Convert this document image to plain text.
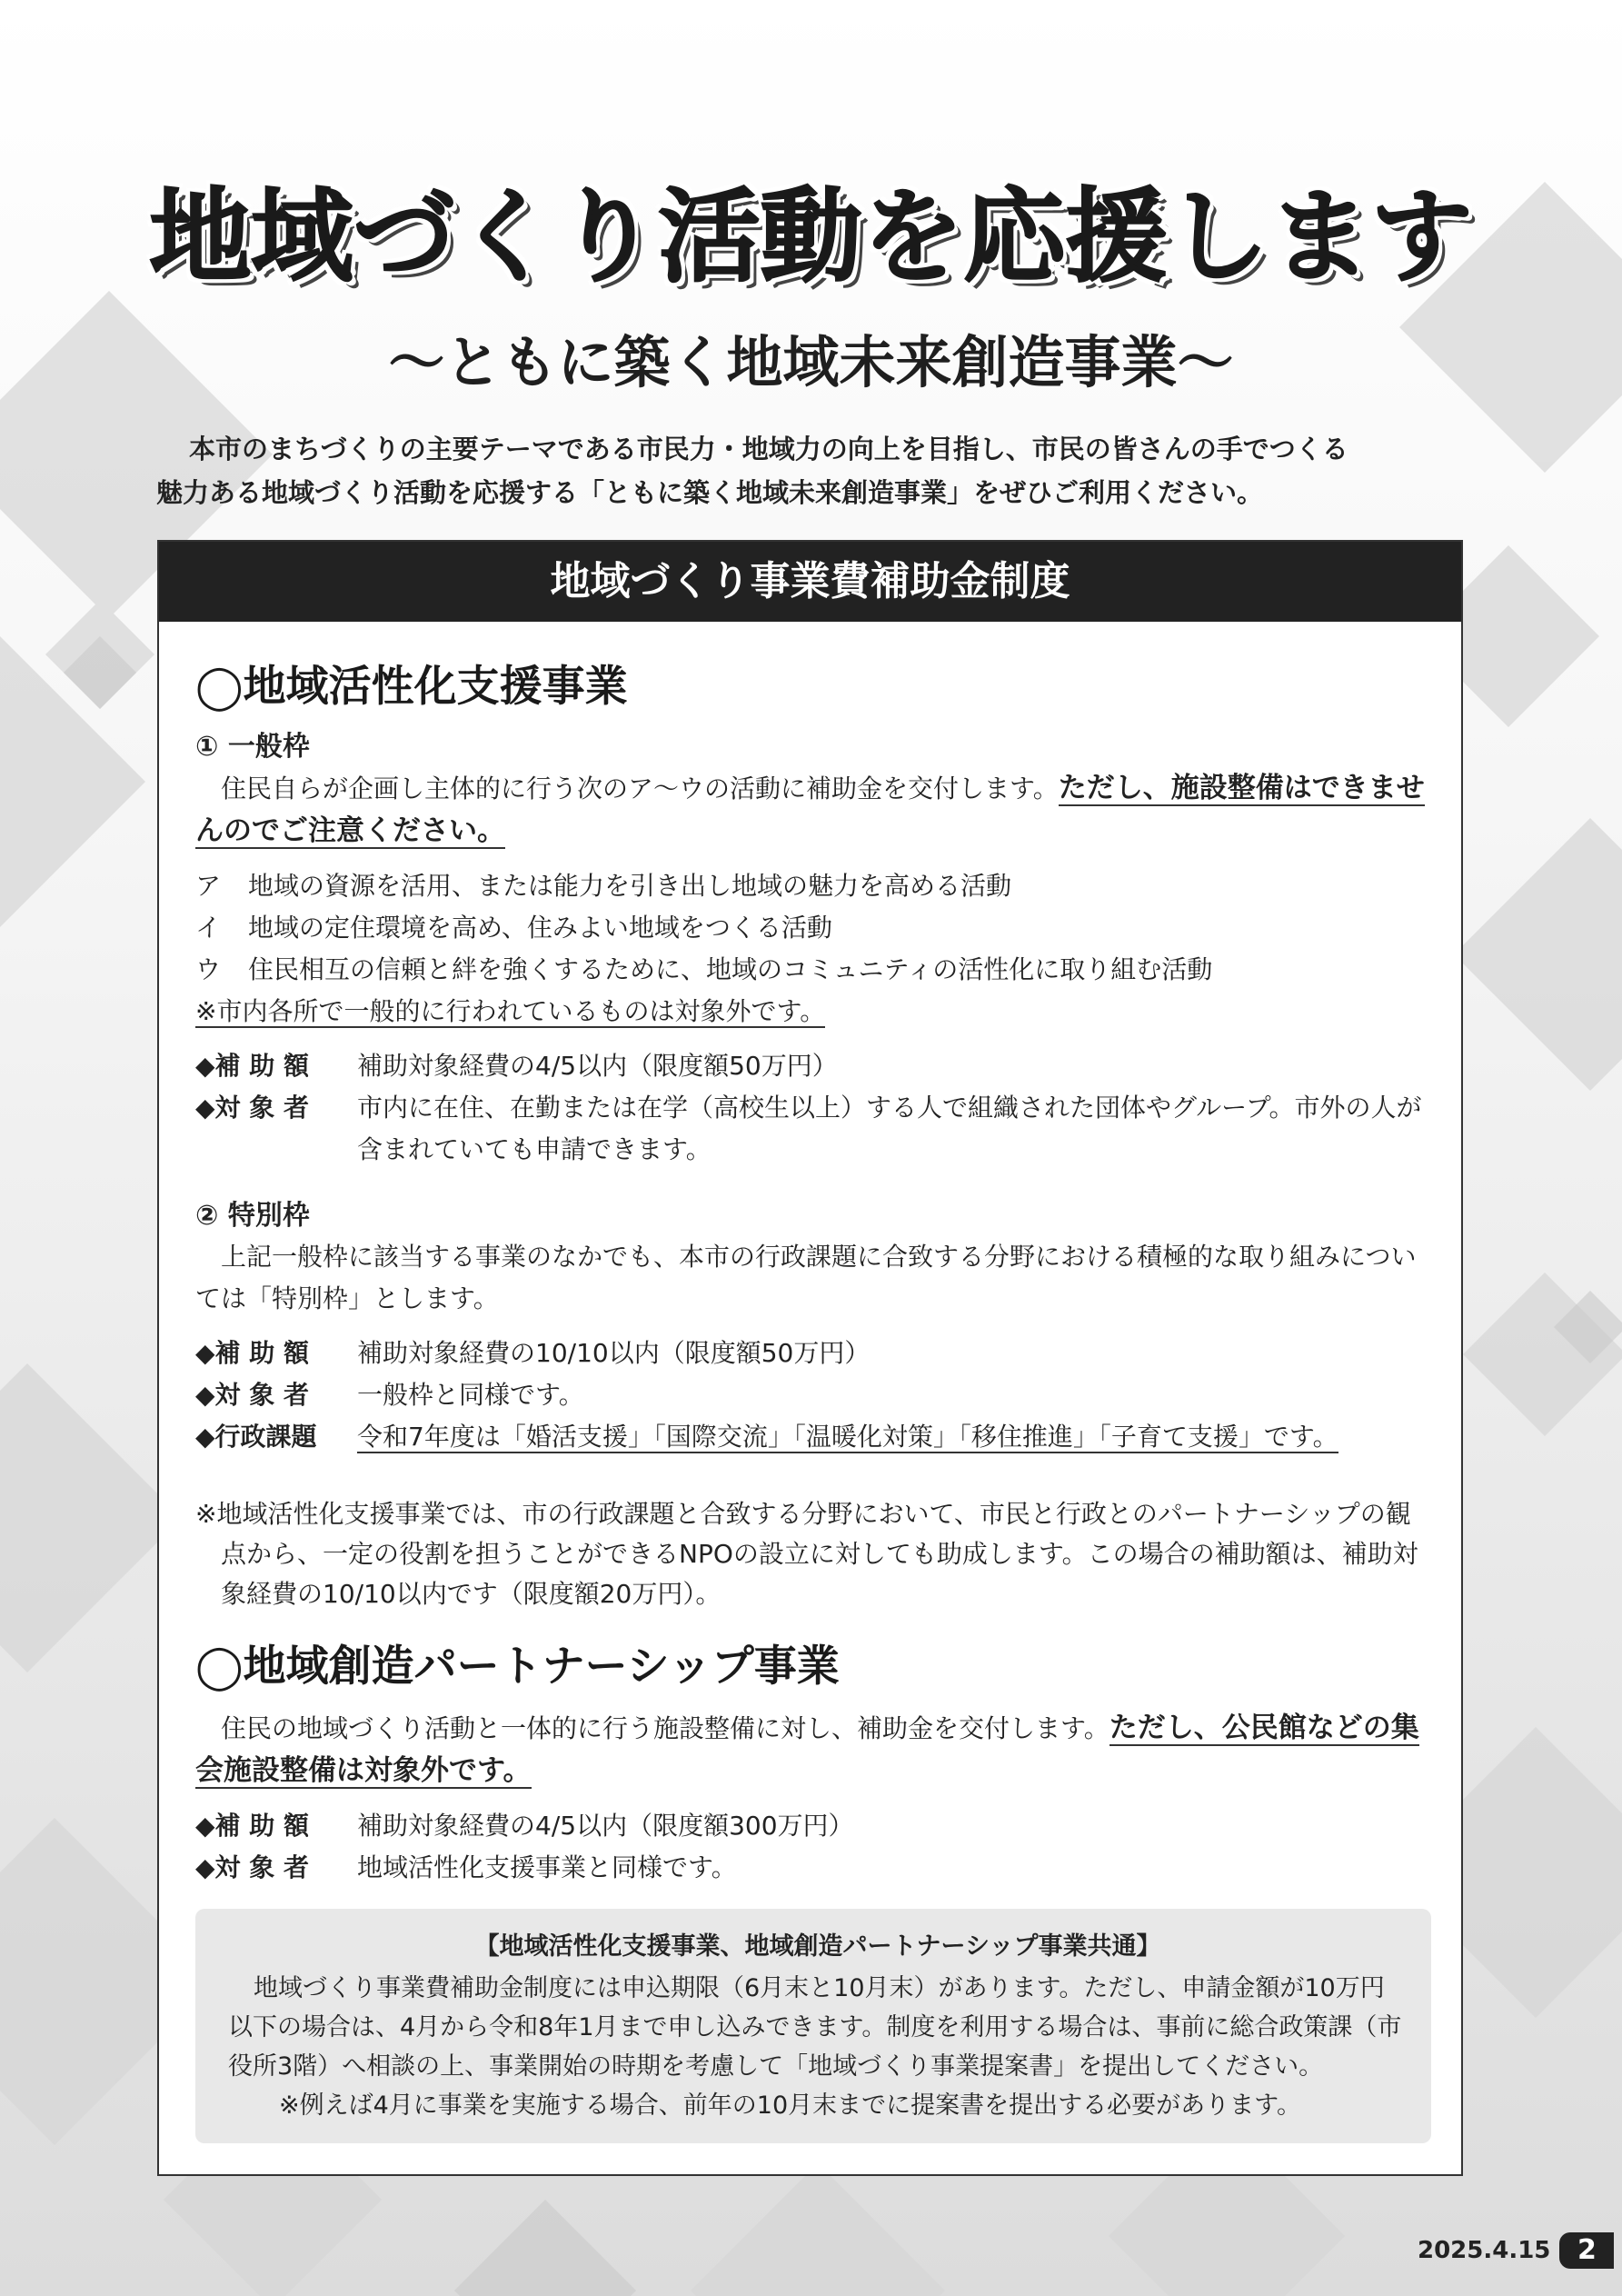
地域づくり活動を応援します
〜ともに築く地域未来創造事業〜

本市のまちづくりの主要テーマである市民力・地域力の向上を目指し、市民の皆さんの手でつくる

魅力ある地域づくり活動を応援する「ともに築く地域未来創造事業」をぜひご利用ください。

地域づくり事業費補助金制度
◯地域活性化支援事業
① 一般枠

住民自らが企画し主体的に行う次のア〜ウの活動に補助金を交付します。ただし、施設整備はできませんのでご注意ください。

ア	地域の資源を活用、または能力を引き出し地域の魅力を高める活動
イ	地域の定住環境を高め、住みよい地域をつくる活動
ウ	住民相互の信頼と絆を強くするために、地域のコミュニティの活性化に取り組む活動
※市内各所で一般的に行われているものは対象外です。
◆補 助 額	補助対象経費の4/5以内（限度額50万円）
◆対 象 者	市内に在住、在勤または在学（高校生以上）する人で組織された団体やグループ。市外の人が含まれていても申請できます。
② 特別枠

上記一般枠に該当する事業のなかでも、本市の行政課題に合致する分野における積極的な取り組みについては「特別枠」とします。

◆補 助 額	補助対象経費の10/10以内（限度額50万円）
◆対 象 者	一般枠と同様です。
◆行政課題	令和7年度は「婚活支援」「国際交流」「温暖化対策」「移住推進」「子育て支援」です。
※地域活性化支援事業では、市の行政課題と合致する分野において、市民と行政とのパートナーシップの観点から、一定の役割を担うことができるNPOの設立に対しても助成します。この場合の補助額は、補助対象経費の10/10以内です（限度額20万円）。
◯地域創造パートナーシップ事業

住民の地域づくり活動と一体的に行う施設整備に対し、補助金を交付します。ただし、公民館などの集会施設整備は対象外です。

◆補 助 額	補助対象経費の4/5以内（限度額300万円）
◆対 象 者	地域活性化支援事業と同様です。
【地域活性化支援事業、地域創造パートナーシップ事業共通】

地域づくり事業費補助金制度には申込期限（6月末と10月末）があります。ただし、申請金額が10万円以下の場合は、4月から令和8年1月まで申し込みできます。制度を利用する場合は、事前に総合政策課（市役所3階）へ相談の上、事業開始の時期を考慮して「地域づくり事業提案書」を提出してください。

※例えば4月に事業を実施する場合、前年の10月末までに提案書を提出する必要があります。

2025.4.15 2
